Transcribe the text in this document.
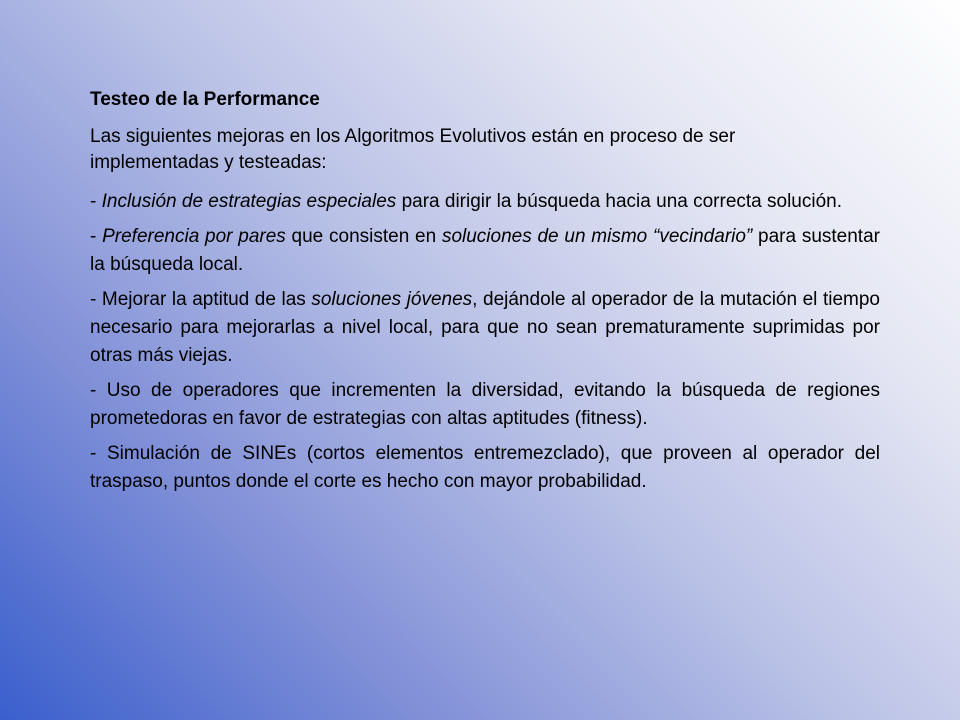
Testeo de la Performance

Las siguientes mejoras en los Algoritmos Evolutivos están en proceso de ser implementadas y testeadas:

- Inclusión de estrategias especiales para dirigir la búsqueda hacia una correcta solución.

- Preferencia por pares que consisten en soluciones de un mismo “vecindario” para sustentar la búsqueda local.

- Mejorar la aptitud de las soluciones jóvenes, dejándole al operador de la mutación el tiempo necesario para mejorarlas a nivel local, para que no sean prematuramente suprimidas por otras más viejas.

- Uso de operadores que incrementen la diversidad, evitando la búsqueda de regiones prometedoras en favor de estrategias con altas aptitudes (fitness).

- Simulación de SINEs (cortos elementos entremezclado), que proveen al operador del traspaso, puntos donde el corte es hecho con mayor probabilidad.
